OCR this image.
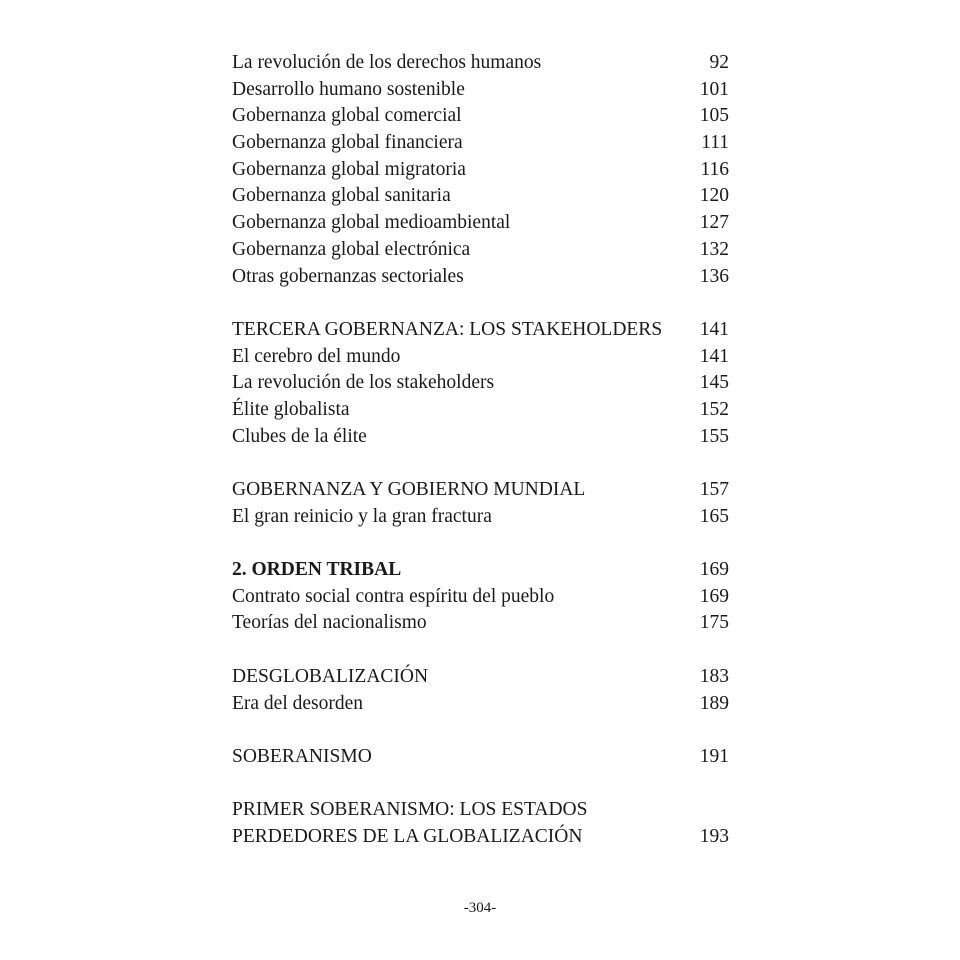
La revolución de los derechos humanos	92
Desarrollo humano sostenible	101
Gobernanza global comercial	105
Gobernanza global financiera	111
Gobernanza global migratoria	116
Gobernanza global sanitaria	120
Gobernanza global medioambiental	127
Gobernanza global electrónica	132
Otras gobernanzas sectoriales	136
TERCERA GOBERNANZA: LOS STAKEHOLDERS	141
El cerebro del mundo	141
La revolución de los stakeholders	145
Élite globalista	152
Clubes de la élite	155
GOBERNANZA Y GOBIERNO MUNDIAL	157
El gran reinicio y la gran fractura	165
2. ORDEN TRIBAL	169
Contrato social contra espíritu del pueblo	169
Teorías del nacionalismo	175
DESGLOBALIZACIÓN	183
Era del desorden	189
SOBERANISMO	191
PRIMER SOBERANISMO: LOS ESTADOS
PERDEDORES DE LA GLOBALIZACIÓN	193
-304-
